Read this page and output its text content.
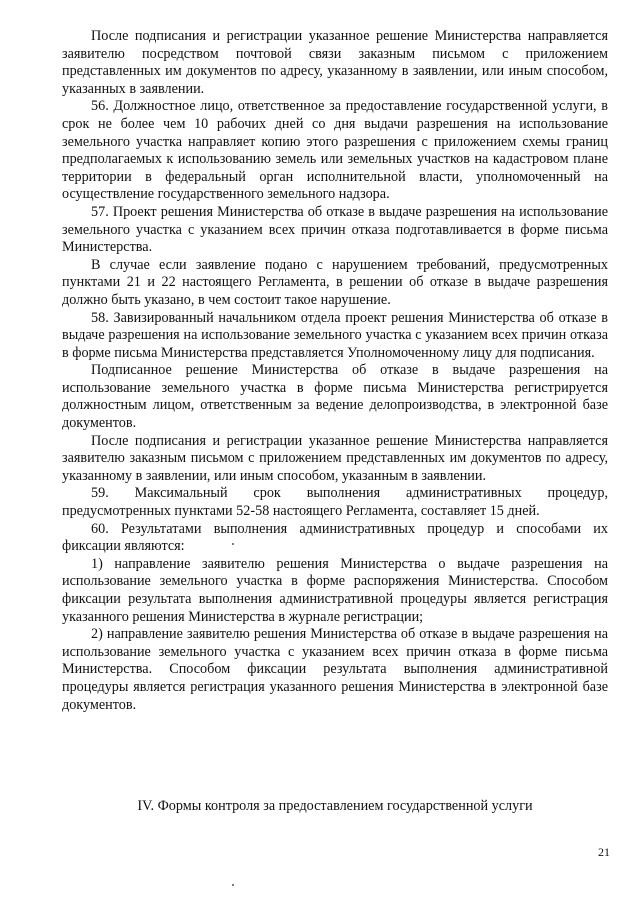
После подписания и регистрации указанное решение Министерства направляется заявителю посредством почтовой связи заказным письмом с приложением представленных им документов по адресу, указанному в заявлении, или иным способом, указанных в заявлении.

56. Должностное лицо, ответственное за предоставление государственной услуги, в срок не более чем 10 рабочих дней со дня выдачи разрешения на использование земельного участка направляет копию этого разрешения с приложением схемы границ предполагаемых к использованию земель или земельных участков на кадастровом плане территории в федеральный орган исполнительной власти, уполномоченный на осуществление государственного земельного надзора.

57. Проект решения Министерства об отказе в выдаче разрешения на использование земельного участка с указанием всех причин отказа подготавливается в форме письма Министерства.

В случае если заявление подано с нарушением требований, предусмотренных пунктами 21 и 22 настоящего Регламента, в решении об отказе в выдаче разрешения должно быть указано, в чем состоит такое нарушение.

58. Завизированный начальником отдела проект решения Министерства об отказе в выдаче разрешения на использование земельного участка с указанием всех причин отказа в форме письма Министерства представляется Уполномоченному лицу для подписания.

Подписанное решение Министерства об отказе в выдаче разрешения на использование земельного участка в форме письма Министерства регистрируется должностным лицом, ответственным за ведение делопроизводства, в электронной базе документов.

После подписания и регистрации указанное решение Министерства направляется заявителю заказным письмом с приложением представленных им документов по адресу, указанному в заявлении, или иным способом, указанным в заявлении.

59. Максимальный срок выполнения административных процедур, предусмотренных пунктами 52-58 настоящего Регламента, составляет 15 дней.

60. Результатами выполнения административных процедур и способами их фиксации являются:

1) направление заявителю решения Министерства о выдаче разрешения на использование земельного участка в форме распоряжения Министерства. Способом фиксации результата выполнения административной процедуры является регистрация указанного решения Министерства в журнале регистрации;

2) направление заявителю решения Министерства об отказе в выдаче разрешения на использование земельного участка с указанием всех причин отказа в форме письма Министерства. Способом фиксации результата выполнения административной процедуры является регистрация указанного решения Министерства в электронной базе документов.

IV. Формы контроля за предоставлением государственной услуги
21
